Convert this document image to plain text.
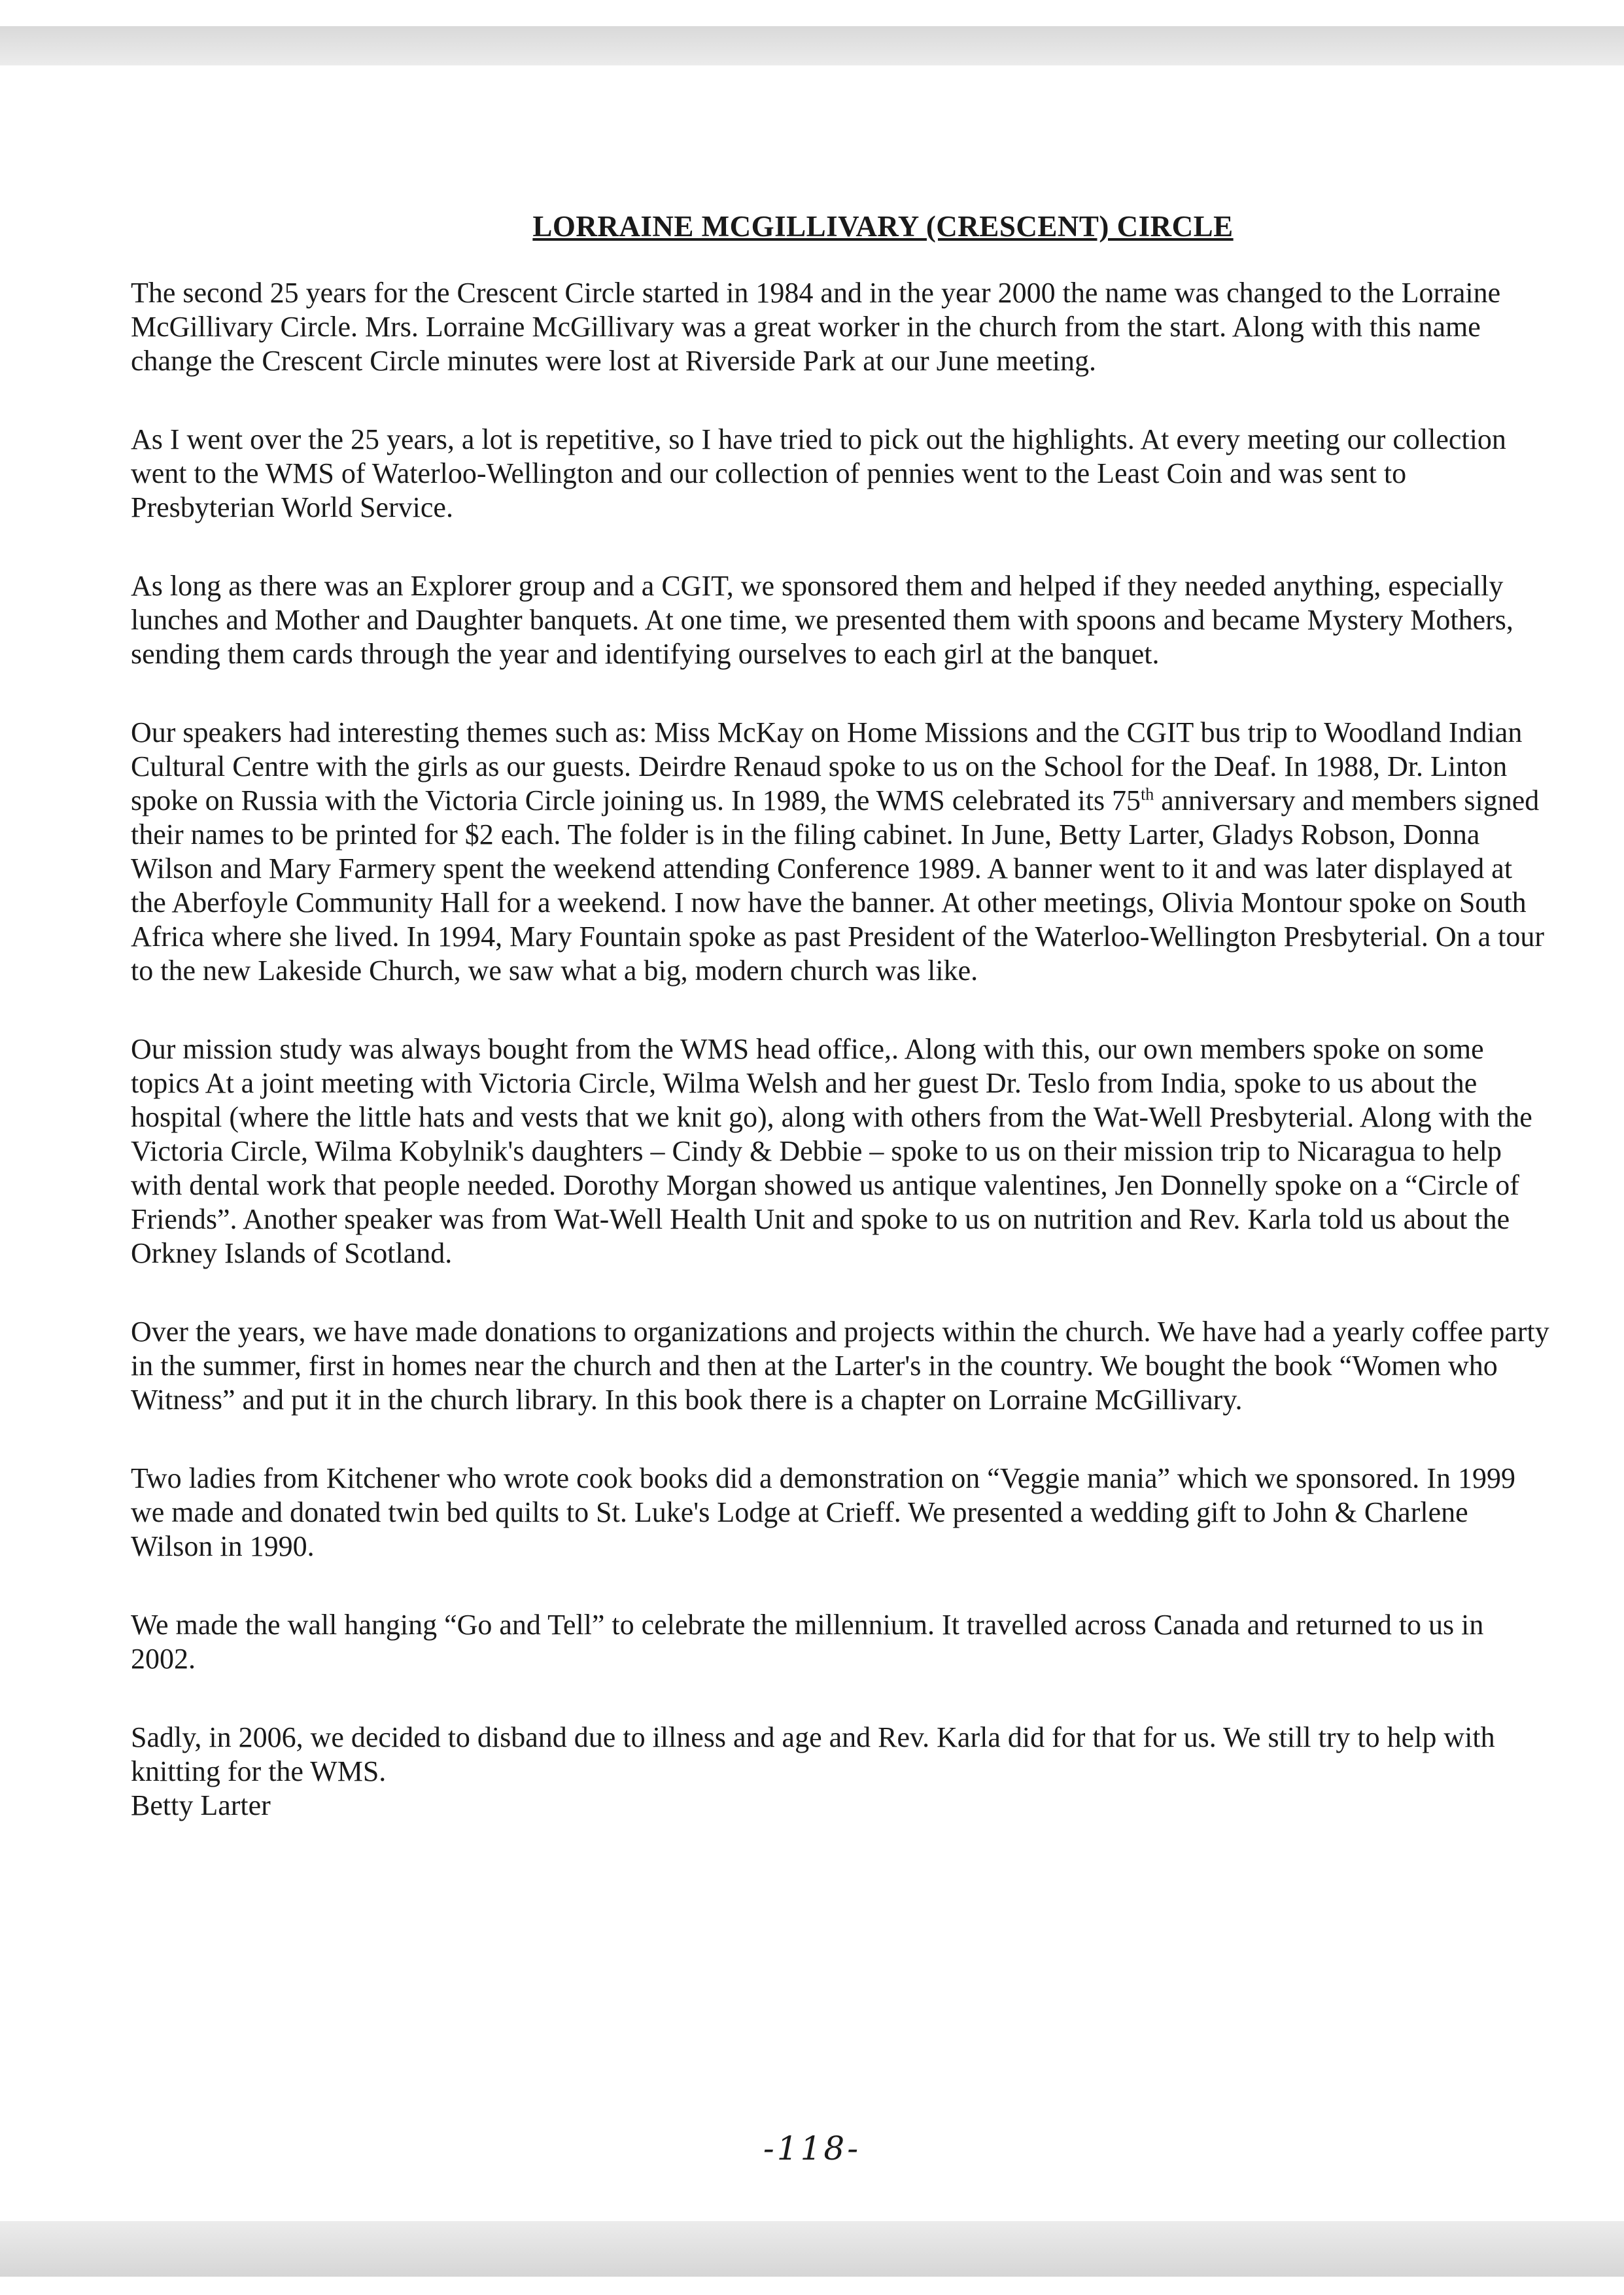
LORRAINE MCGILLIVARY (CRESCENT) CIRCLE

The second 25 years for the Crescent Circle started in 1984 and in the year 2000 the name was changed to the Lorraine McGillivary Circle. Mrs. Lorraine McGillivary was a great worker in the church from the start. Along with this name change the Crescent Circle minutes were lost at Riverside Park at our June meeting.

As I went over the 25 years, a lot is repetitive, so I have tried to pick out the highlights. At every meeting our collection went to the WMS of Waterloo-Wellington and our collection of pennies went to the Least Coin and was sent to Presbyterian World Service.

As long as there was an Explorer group and a CGIT, we sponsored them and helped if they needed anything, especially lunches and Mother and Daughter banquets. At one time, we presented them with spoons and became Mystery Mothers, sending them cards through the year and identifying ourselves to each girl at the banquet.

Our speakers had interesting themes such as: Miss McKay on Home Missions and the CGIT bus trip to Woodland Indian Cultural Centre with the girls as our guests. Deirdre Renaud spoke to us on the School for the Deaf. In 1988, Dr. Linton spoke on Russia with the Victoria Circle joining us. In 1989, the WMS celebrated its 75th anniversary and members signed their names to be printed for $2 each. The folder is in the filing cabinet. In June, Betty Larter, Gladys Robson, Donna Wilson and Mary Farmery spent the weekend attending Conference 1989. A banner went to it and was later displayed at the Aberfoyle Community Hall for a weekend. I now have the banner. At other meetings, Olivia Montour spoke on South Africa where she lived. In 1994, Mary Fountain spoke as past President of the Waterloo-Wellington Presbyterial. On a tour to the new Lakeside Church, we saw what a big, modern church was like.

Our mission study was always bought from the WMS head office,. Along with this, our own members spoke on some topics At a joint meeting with Victoria Circle, Wilma Welsh and her guest Dr. Teslo from India, spoke to us about the hospital (where the little hats and vests that we knit go), along with others from the Wat-Well Presbyterial. Along with the Victoria Circle, Wilma Kobylnik's daughters – Cindy & Debbie – spoke to us on their mission trip to Nicaragua to help with dental work that people needed. Dorothy Morgan showed us antique valentines, Jen Donnelly spoke on a “Circle of Friends”. Another speaker was from Wat-Well Health Unit and spoke to us on nutrition and Rev. Karla told us about the Orkney Islands of Scotland.

Over the years, we have made donations to organizations and projects within the church. We have had a yearly coffee party in the summer, first in homes near the church and then at the Larter's in the country. We bought the book “Women who Witness” and put it in the church library. In this book there is a chapter on Lorraine McGillivary.

Two ladies from Kitchener who wrote cook books did a demonstration on “Veggie mania” which we sponsored. In 1999 we made and donated twin bed quilts to St. Luke's Lodge at Crieff. We presented a wedding gift to John & Charlene Wilson in 1990.

We made the wall hanging “Go and Tell” to celebrate the millennium. It travelled across Canada and returned to us in 2002.

Sadly, in 2006, we decided to disband due to illness and age and Rev. Karla did for that for us. We still try to help with knitting for the WMS.

Betty Larter

-118-
